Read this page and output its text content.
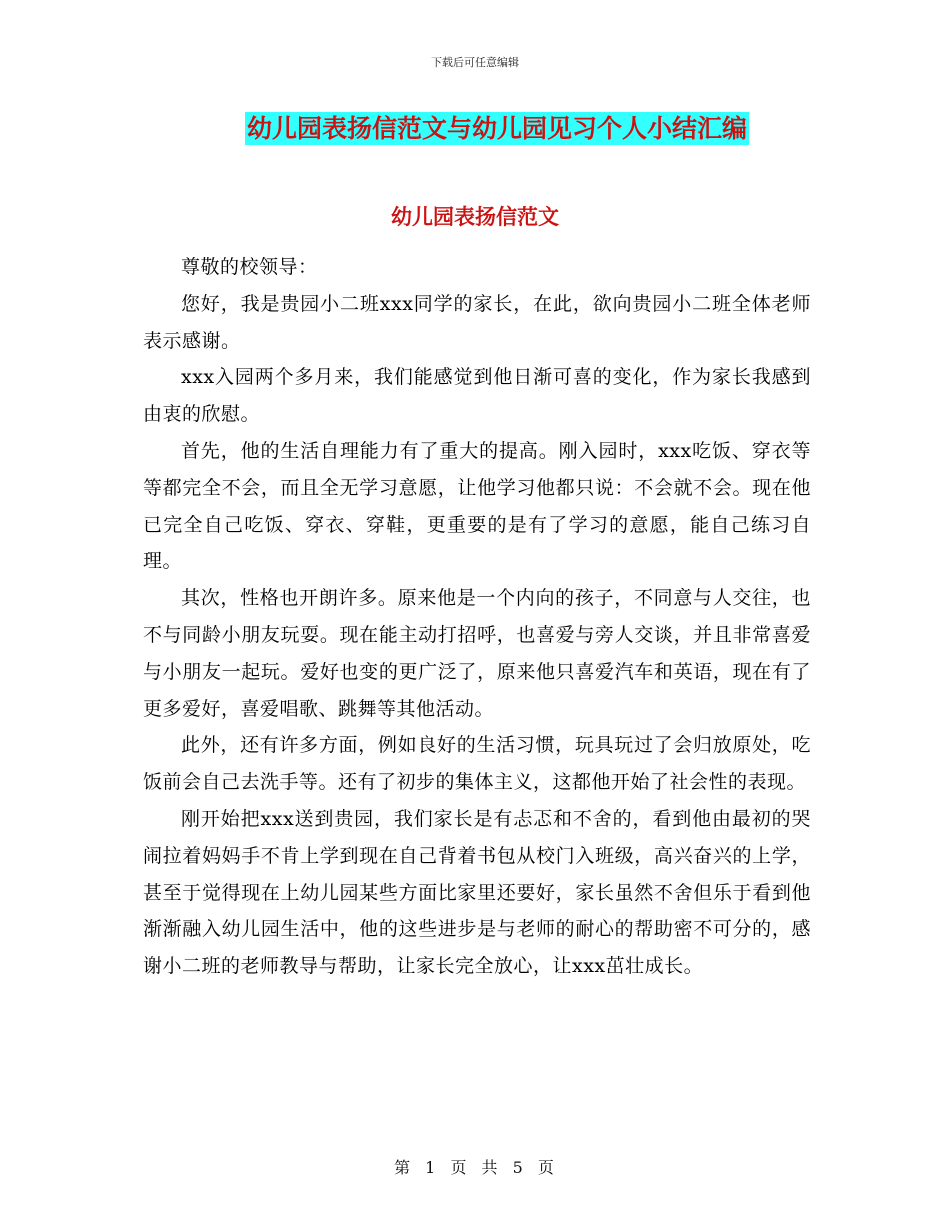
下载后可任意编辑
幼儿园表扬信范文与幼儿园见习个人小结汇编
幼儿园表扬信范文

尊敬的校领导：

您好，我是贵园小二班xxx同学的家长，在此，欲向贵园小二班全体老师表示感谢。

xxx入园两个多月来，我们能感觉到他日渐可喜的变化，作为家长我感到由衷的欣慰。

首先，他的生活自理能力有了重大的提高。刚入园时，xxx吃饭、穿衣等等都完全不会，而且全无学习意愿，让他学习他都只说：不会就不会。现在他已完全自己吃饭、穿衣、穿鞋，更重要的是有了学习的意愿，能自己练习自理。

其次，性格也开朗许多。原来他是一个内向的孩子，不同意与人交往，也不与同龄小朋友玩耍。现在能主动打招呼，也喜爱与旁人交谈，并且非常喜爱与小朋友一起玩。爱好也变的更广泛了，原来他只喜爱汽车和英语，现在有了更多爱好，喜爱唱歌、跳舞等其他活动。

此外，还有许多方面，例如良好的生活习惯，玩具玩过了会归放原处，吃饭前会自己去洗手等。还有了初步的集体主义，这都他开始了社会性的表现。

刚开始把xxx送到贵园，我们家长是有忐忑和不舍的，看到他由最初的哭闹拉着妈妈手不肯上学到现在自己背着书包从校门入班级，高兴奋兴的上学，甚至于觉得现在上幼儿园某些方面比家里还要好，家长虽然不舍但乐于看到他渐渐融入幼儿园生活中，他的这些进步是与老师的耐心的帮助密不可分的，感谢小二班的老师教导与帮助，让家长完全放心，让xxx茁壮成长。

第 1 页 共 5 页
